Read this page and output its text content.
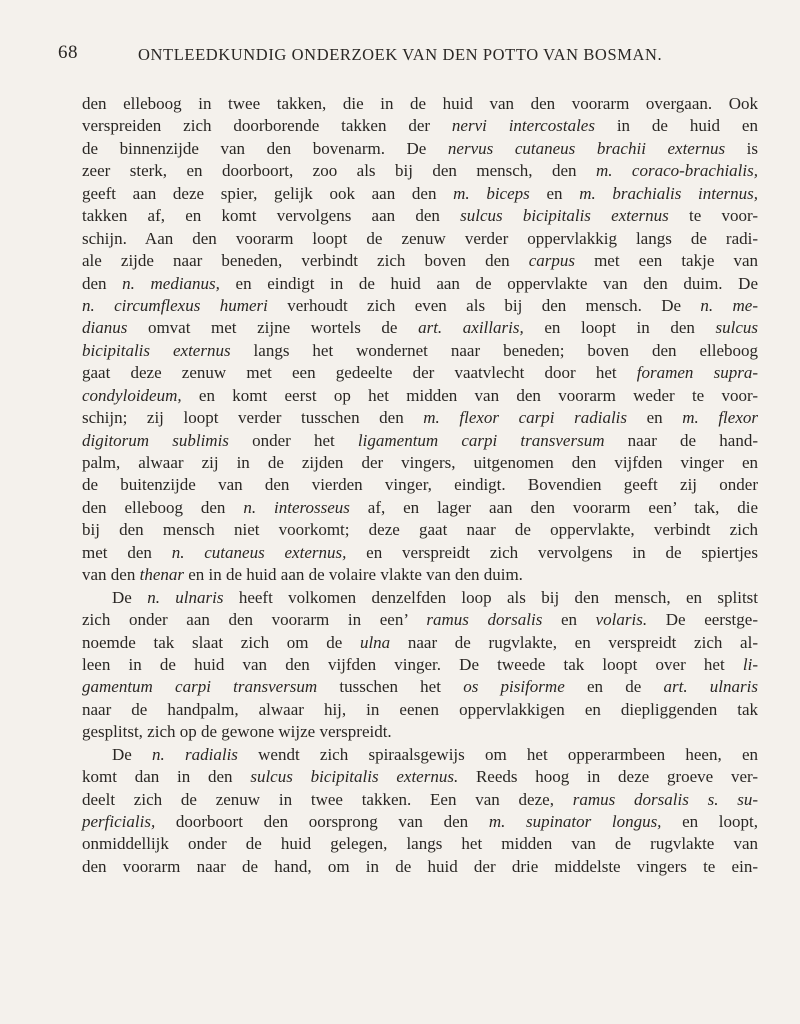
68	ONTLEEDKUNDIG ONDERZOEK VAN DEN POTTO VAN BOSMAN.
den elleboog in twee takken, die in de huid van den voorarm overgaan. Ook
verspreiden zich doorborende takken der nervi intercostales in de huid en
de binnenzijde van den bovenarm. De nervus cutaneus brachii externus is
zeer sterk, en doorboort, zoo als bij den mensch, den m. coraco-brachialis,
geeft aan deze spier, gelijk ook aan den m. biceps en m. brachialis internus,
takken af, en komt vervolgens aan den sulcus bicipitalis externus te voor-
schijn. Aan den voorarm loopt de zenuw verder oppervlakkig langs de radi-
ale zijde naar beneden, verbindt zich boven den carpus met een takje van
den n. medianus, en eindigt in de huid aan de oppervlakte van den duim. De
n. circumflexus humeri verhoudt zich even als bij den mensch. De n. me-
dianus omvat met zijne wortels de art. axillaris, en loopt in den sulcus
bicipitalis externus langs het wondernet naar beneden; boven den elleboog
gaat deze zenuw met een gedeelte der vaatvlecht door het foramen supra-
condyloideum, en komt eerst op het midden van den voorarm weder te voor-
schijn; zij loopt verder tusschen den m. flexor carpi radialis en m. flexor
digitorum sublimis onder het ligamentum carpi transversum naar de hand-
palm, alwaar zij in de zijden der vingers, uitgenomen den vijfden vinger en
de buitenzijde van den vierden vinger, eindigt. Bovendien geeft zij onder
den elleboog den n. interosseus af, en lager aan den voorarm een’ tak, die
bij den mensch niet voorkomt; deze gaat naar de oppervlakte, verbindt zich
met den n. cutaneus externus, en verspreidt zich vervolgens in de spiertjes
van den thenar en in de huid aan de volaire vlakte van den duim.
De n. ulnaris heeft volkomen denzelfden loop als bij den mensch, en splitst
zich onder aan den voorarm in een’ ramus dorsalis en volaris. De eerstge-
noemde tak slaat zich om de ulna naar de rugvlakte, en verspreidt zich al-
leen in de huid van den vijfden vinger. De tweede tak loopt over het li-
gamentum carpi transversum tusschen het os pisiforme en de art. ulnaris
naar de handpalm, alwaar hij, in eenen oppervlakkigen en diepliggenden tak
gesplitst, zich op de gewone wijze verspreidt.
De n. radialis wendt zich spiraalsgewijs om het opperarmbeen heen, en
komt dan in den sulcus bicipitalis externus. Reeds hoog in deze groeve ver-
deelt zich de zenuw in twee takken. Een van deze, ramus dorsalis s. su-
perficialis, doorboort den oorsprong van den m. supinator longus, en loopt,
onmiddellijk onder de huid gelegen, langs het midden van de rugvlakte van
den voorarm naar de hand, om in de huid der drie middelste vingers te ein-
